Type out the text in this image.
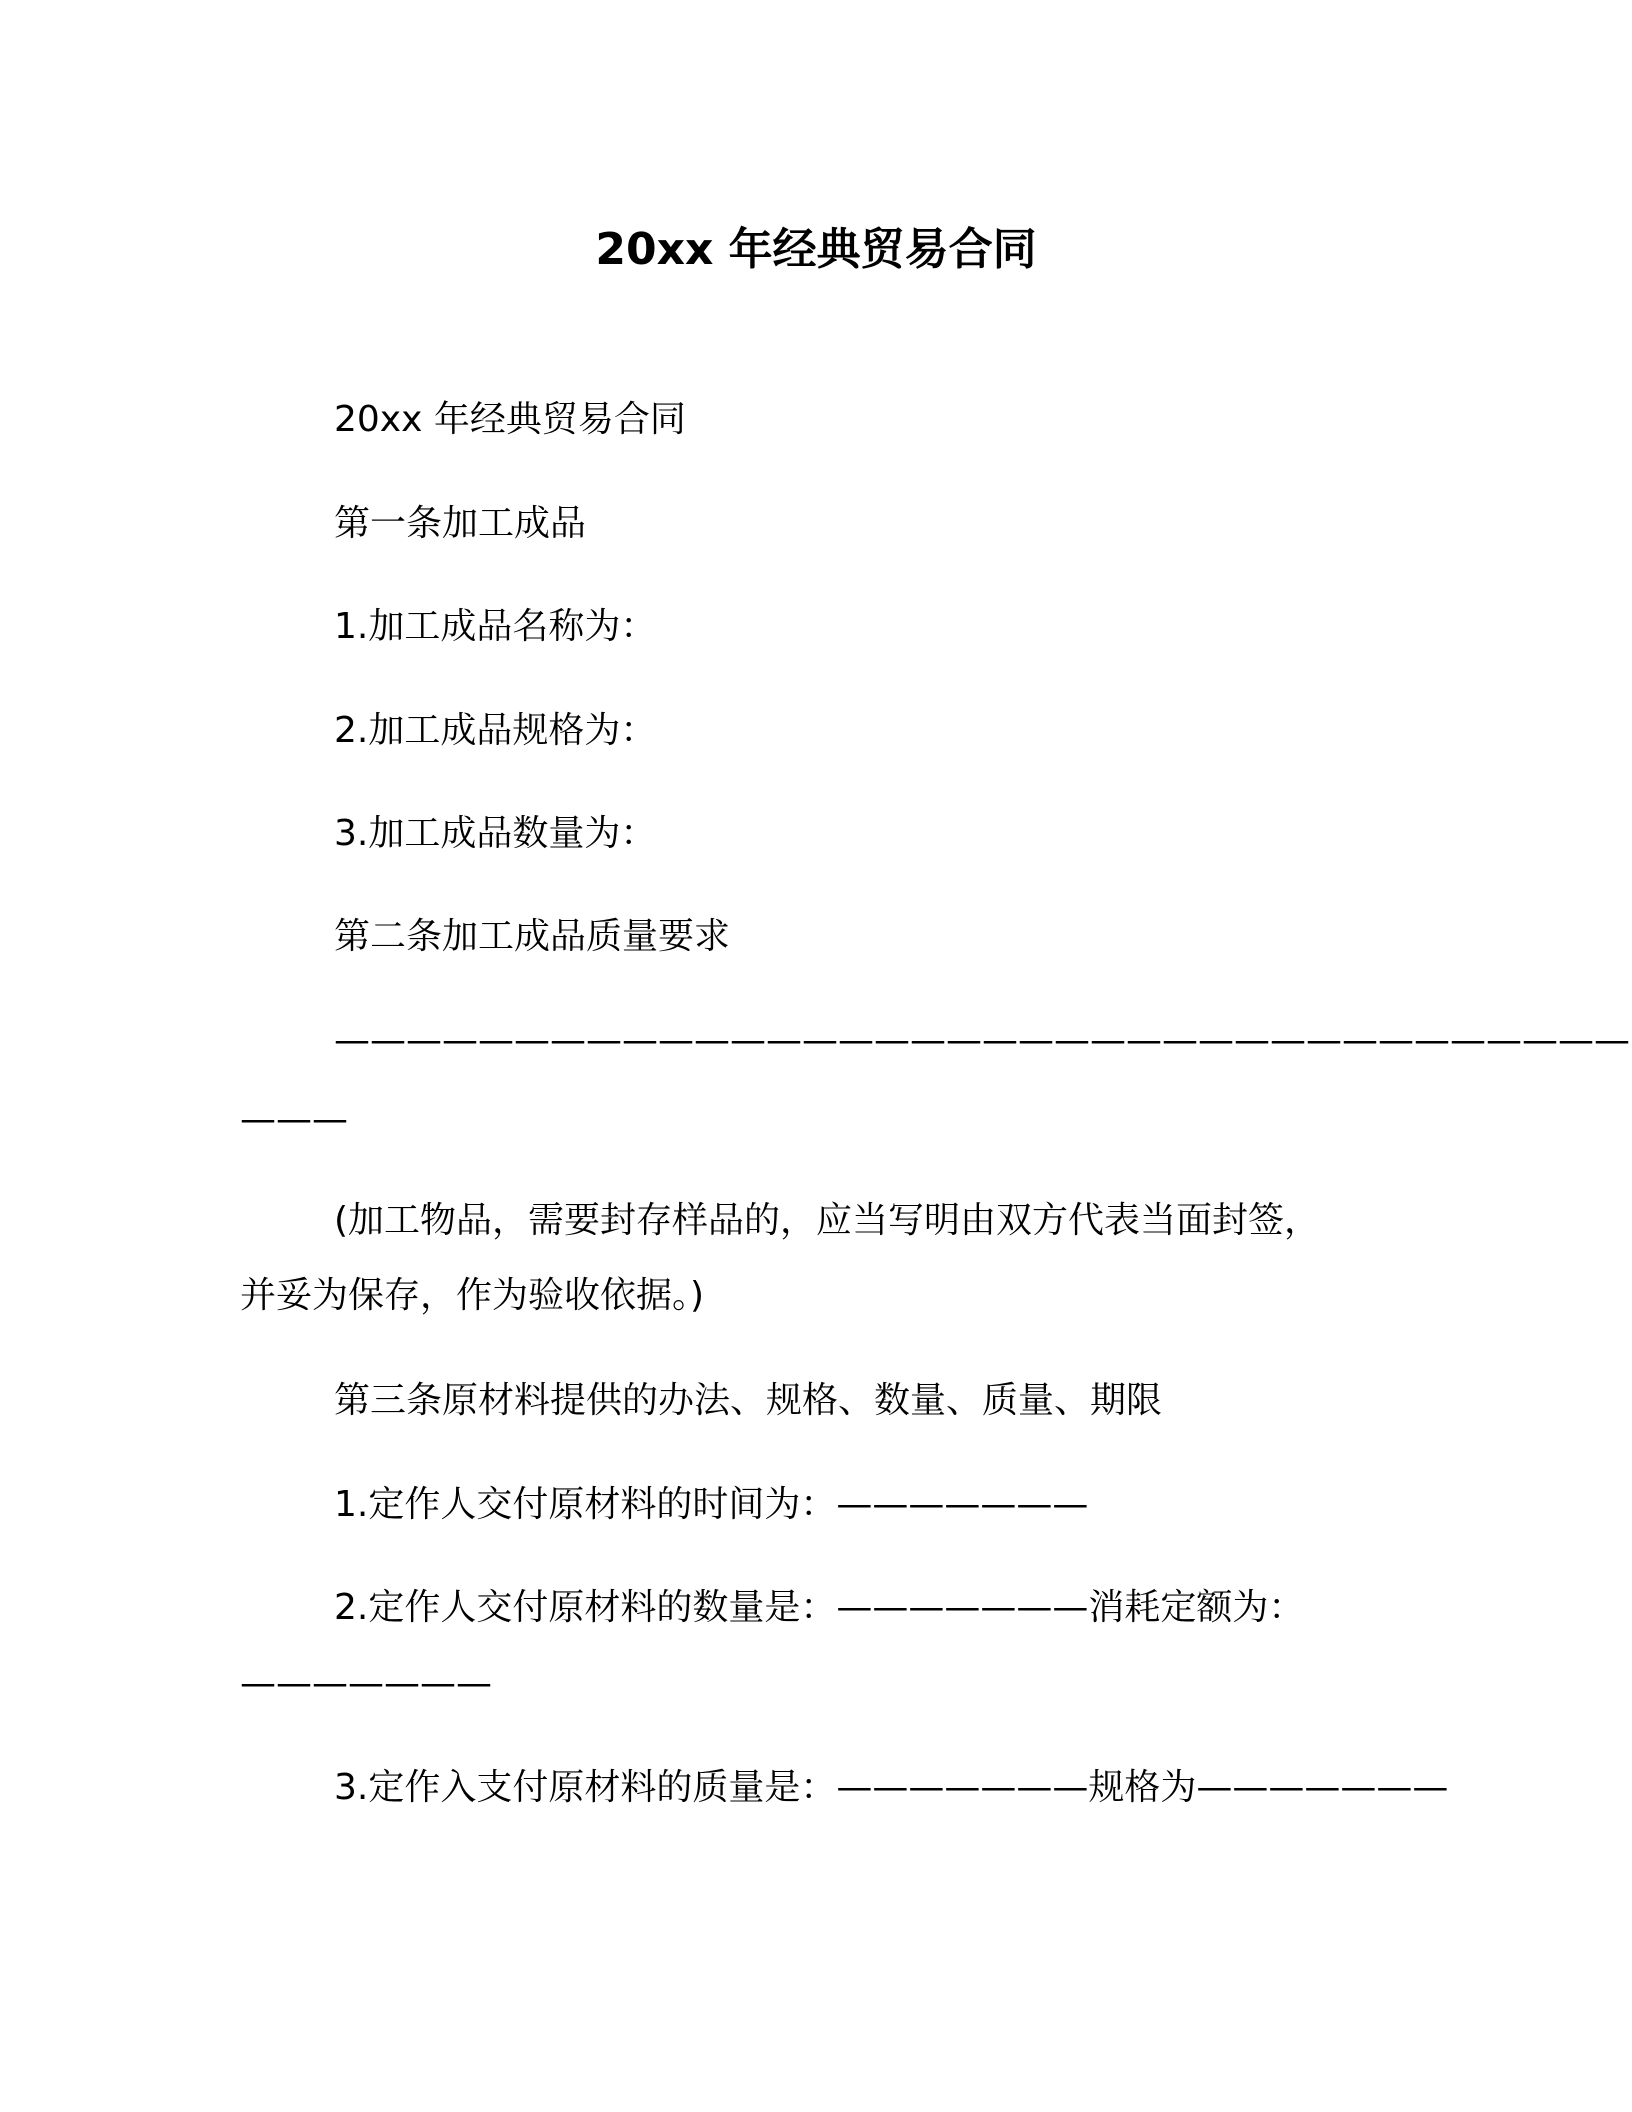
20xx 年经典贸易合同

20xx 年经典贸易合同

第一条加工成品

1.加工成品名称为：

2.加工成品规格为：

3.加工成品数量为：

第二条加工成品质量要求

————————————————————————————————————

———

(加工物品，需要封存样品的，应当写明由双方代表当面封签，

并妥为保存，作为验收依据。)

第三条原材料提供的办法、规格、数量、质量、期限

1.定作人交付原材料的时间为：———————

2.定作人交付原材料的数量是：———————消耗定额为：

———————

3.定作入支付原材料的质量是：———————规格为———————
